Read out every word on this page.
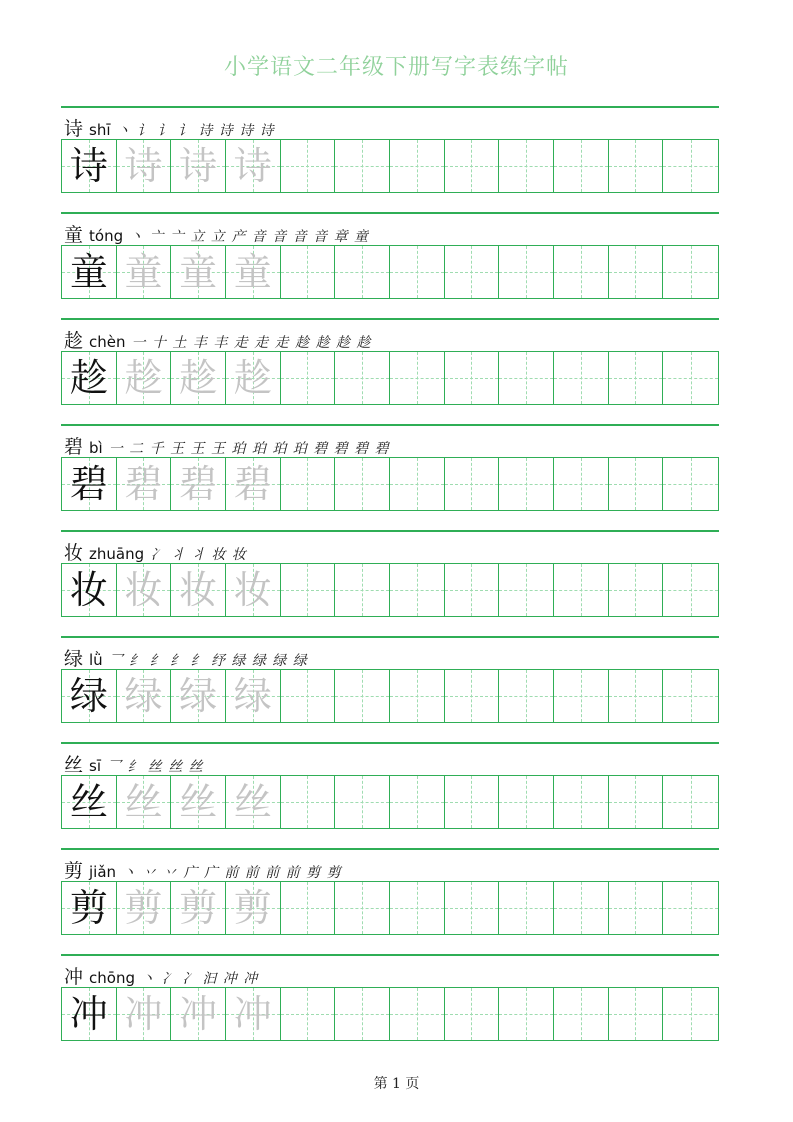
小学语文二年级下册写字表练字帖
诗 shī 丶 讠 讠 讠 诗 诗 诗 诗
诗 诗 诗 诗
童 tóng 丶 亠 亠 立 立 产 音 音 音 音 章 童
童 童 童 童
趁 chèn 一 十 土 丰 丰 走 走 走 趁 趁 趁 趁
趁 趁 趁 趁
碧 bì 一 二 千 王 王 王 珀 珀 珀 珀 碧 碧 碧 碧
碧 碧 碧 碧
妆 zhuāng 冫 丬 丬 妆 妆
妆 妆 妆 妆
绿 lǜ 乛 纟 纟 纟 纟 纾 绿 绿 绿 绿
绿 绿 绿 绿
丝 sī 乛 纟 丝 丝 丝
丝 丝 丝 丝
剪 jiǎn 丶 丷 丷 广 广 前 前 前 前 剪 剪
剪 剪 剪 剪
冲 chōng 丶 冫 冫 汩 冲 冲
冲 冲 冲 冲
第 1 页
